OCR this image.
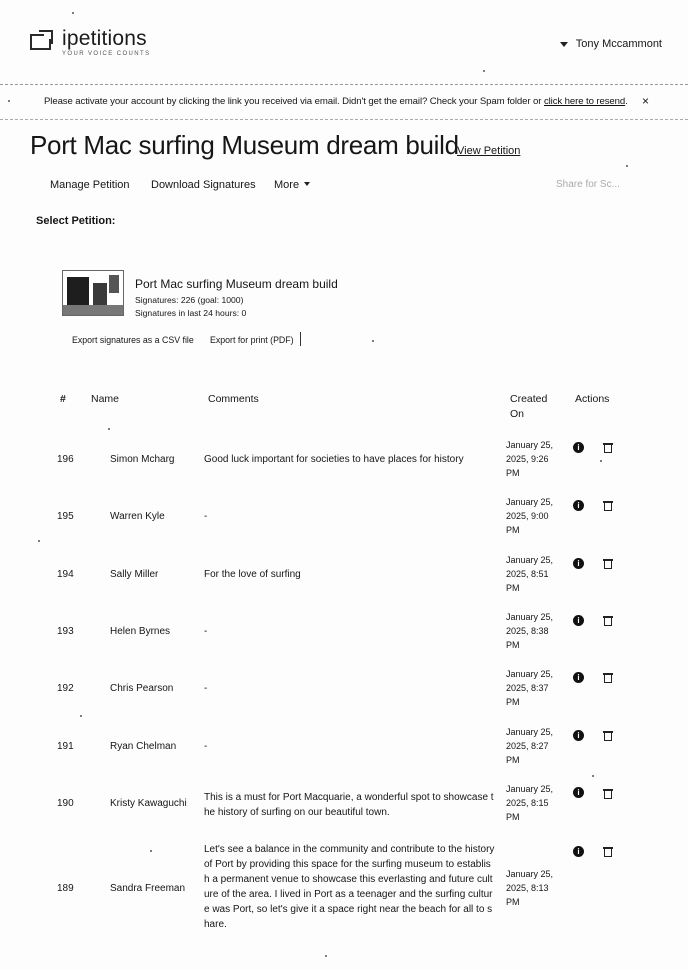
ipetitions
YOUR VOICE COUNTS
Tony Mccammont
Please activate your account by clicking the link you received via email. Didn't get the email? Check your Spam folder or click here to resend. ×
Port Mac surfing Museum dream build
View Petition
Manage Petition Download Signatures More	Share for Sc...
Select Petition:
Port Mac surfing Museum dream build
Signatures: 226 (goal: 1000)
Signatures in last 24 hours: 0
Export signatures as a CSV file Export for print (PDF)
# Name	Comments	Created
On
Actions
196	Simon Mcharg	Good luck important for societies to have places for history
January 25,
2025, 9:26
PM
i
195	Warren Kyle	-
January 25,
2025, 9:00
PM
i
194	Sally Miller	For the love of surfing
January 25,
2025, 8:51
PM
i
193	Helen Byrnes	-
January 25,
2025, 8:38
PM
i
192	Chris Pearson	-
January 25,
2025, 8:37
PM
i
191	Ryan Chelman	-
January 25,
2025, 8:27
PM
i
190	Kristy Kawaguchi
This is a must for Port Macquarie, a wonderful spot to showcase the history of surfing on our beautiful town.
January 25,
2025, 8:15
PM
i
189	Sandra Freeman
Let's see a balance in the community and contribute to the history of Port by providing this space for the surfing museum to establish a permanent venue to showcase this everlasting and future culture of the area. I lived in Port as a teenager and the surfing culture was Port, so let's give it a space right near the beach for all to share.
January 25,
2025, 8:13
PM
i
